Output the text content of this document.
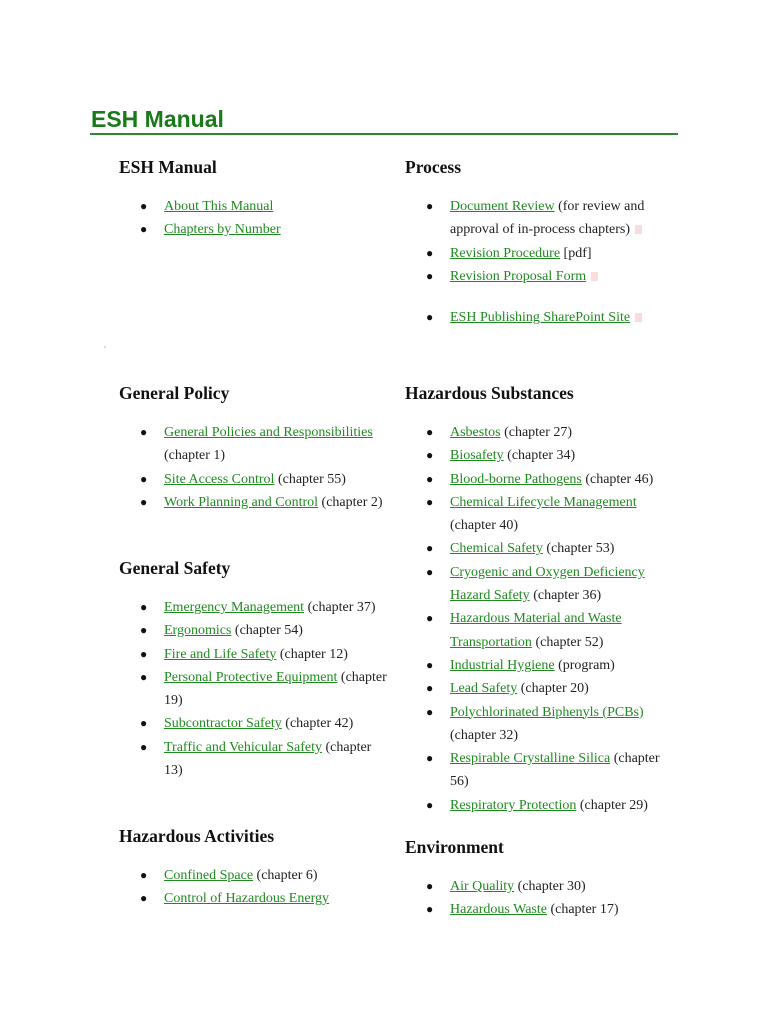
ESH Manual
ESH Manual
● About This Manual
● Chapters by Number
General Policy
● General Policies and Responsibilities (chapter 1)
● Site Access Control (chapter 55)
● Work Planning and Control (chapter 2)
General Safety
● Emergency Management (chapter 37)
● Ergonomics (chapter 54)
● Fire and Life Safety (chapter 12)
● Personal Protective Equipment (chapter 19)
● Subcontractor Safety (chapter 42)
● Traffic and Vehicular Safety (chapter 13)
Hazardous Activities
● Confined Space (chapter 6)
● Control of Hazardous Energy
Process
● Document Review (for review and approval of in-process chapters)
● Revision Procedure [pdf]
● Revision Proposal Form
● ESH Publishing SharePoint Site
Hazardous Substances
● Asbestos (chapter 27)
● Biosafety (chapter 34)
● Blood-borne Pathogens (chapter 46)
● Chemical Lifecycle Management (chapter 40)
● Chemical Safety (chapter 53)
● Cryogenic and Oxygen Deficiency Hazard Safety (chapter 36)
● Hazardous Material and Waste Transportation (chapter 52)
● Industrial Hygiene (program)
● Lead Safety (chapter 20)
● Polychlorinated Biphenyls (PCBs) (chapter 32)
● Respirable Crystalline Silica (chapter 56)
● Respiratory Protection (chapter 29)
Environment
● Air Quality (chapter 30)
● Hazardous Waste (chapter 17)
